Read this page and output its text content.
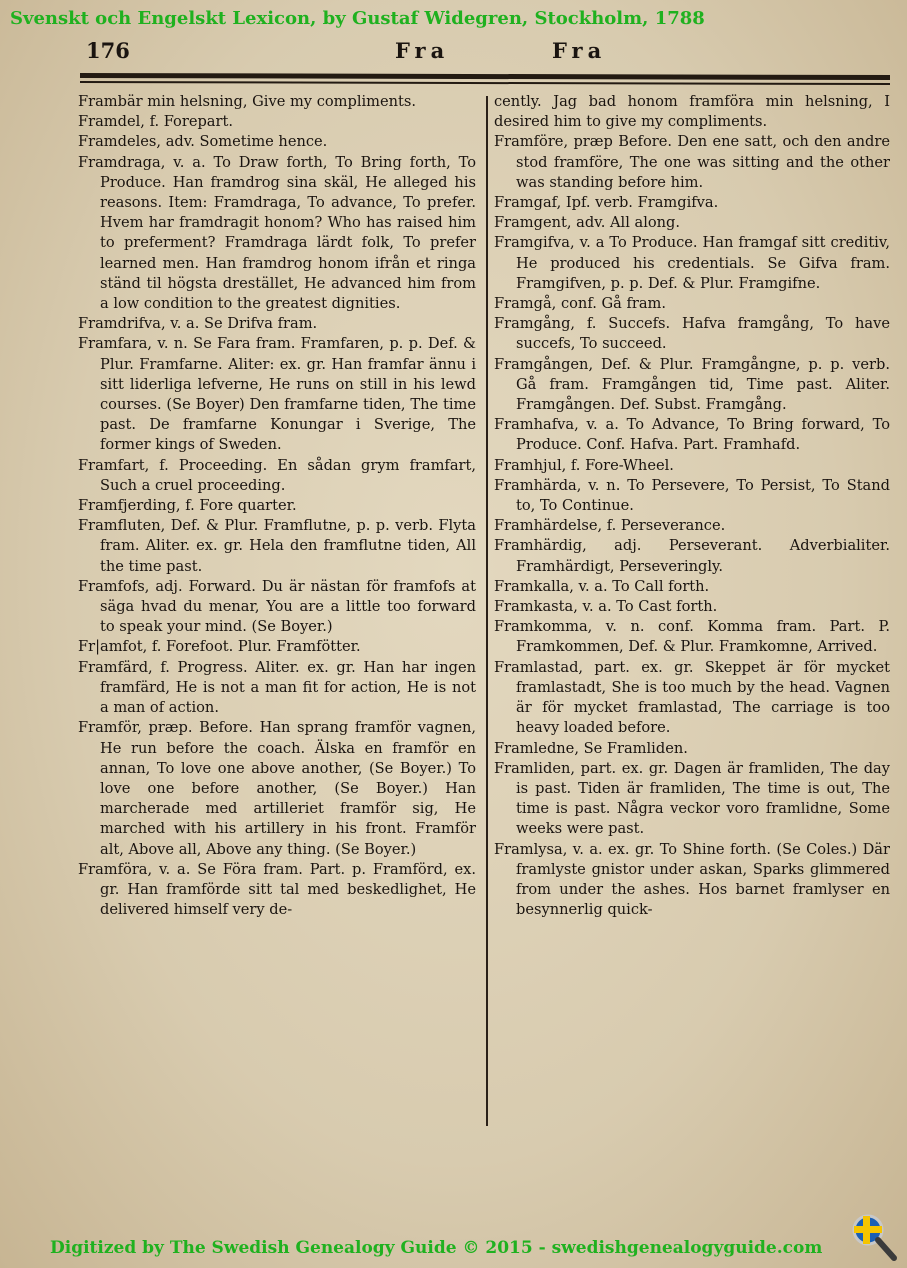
Svenskt och Engelskt Lexicon, by Gustaf Widegren, Stockholm, 1788
176	Fra	Fra

Frambär min helsning, Give my compliments.

Framdel, f. Forepart.

Framdeles, adv. Sometime hence.

Framdraga, v. a. To Draw forth, To Bring forth, To Produce. Han framdrog sina skäl, He alleged his reasons. Item: Framdraga, To advance, To prefer. Hvem har framdragit honom? Who has raised him to preferment? Framdraga lärdt folk, To prefer learned men. Han framdrog honom ifrån et ringa ständ til högsta drestället, He advanced him from a low condition to the greatest dignities.

Framdrifva, v. a. Se Drifva fram.

Framfara, v. n. Se Fara fram. Framfaren, p. p. Def. & Plur. Framfarne. Aliter: ex. gr. Han framfar ännu i sitt liderliga lefverne, He runs on still in his lewd courses. (Se Boyer) Den framfarne tiden, The time past. De framfarne Konungar i Sverige, The former kings of Sweden.

Framfart, f. Proceeding. En sådan grym framfart, Such a cruel proceeding.

Framfjerding, f. Fore quarter.

Framfluten, Def. & Plur. Framflutne, p. p. verb. Flyta fram. Aliter. ex. gr. Hela den framflutne tiden, All the time past.

Framfofs, adj. Forward. Du är nästan för framfofs at säga hvad du menar, You are a little too forward to speak your mind. (Se Boyer.)

Fr|amfot, f. Forefoot. Plur. Framfötter.

Framfärd, f. Progress. Aliter. ex. gr. Han har ingen framfärd, He is not a man fit for action, He is not a man of action.

Framför, præp. Before. Han sprang framför vagnen, He run before the coach. Älska en framför en annan, To love one above another, (Se Boyer.) To love one before another, (Se Boyer.) Han marcherade med artilleriet framför sig, He marched with his artillery in his front. Framför alt, Above all, Above any thing. (Se Boyer.)

Framföra, v. a. Se Föra fram. Part. p. Framförd, ex. gr. Han framförde sitt tal med beskedlighet, He delivered himself very de-

cently. Jag bad honom framföra min helsning, I desired him to give my compliments.

Framföre, præp Before. Den ene satt, och den andre stod framföre, The one was sitting and the other was standing before him.

Framgaf, Ipf. verb. Framgifva.

Framgent, adv. All along.

Framgifva, v. a To Produce. Han framgaf sitt creditiv, He produced his credentials. Se Gifva fram. Framgifven, p. p. Def. & Plur. Framgifne.

Framgå, conf. Gå fram.

Framgång, f. Succefs. Hafva framgång, To have succefs, To succeed.

Framgången, Def. & Plur. Framgångne, p. p. verb. Gå fram. Framgången tid, Time past. Aliter. Framgången. Def. Subst. Framgång.

Framhafva, v. a. To Advance, To Bring forward, To Produce. Conf. Hafva. Part. Framhafd.

Framhjul, f. Fore-Wheel.

Framhärda, v. n. To Persevere, To Persist, To Stand to, To Continue.

Framhärdelse, f. Perseverance.

Framhärdig, adj. Perseverant. Adverbialiter. Framhärdigt, Perseveringly.

Framkalla, v. a. To Call forth.

Framkasta, v. a. To Cast forth.

Framkomma, v. n. conf. Komma fram. Part. P. Framkommen, Def. & Plur. Framkomne, Arrived.

Framlastad, part. ex. gr. Skeppet är för mycket framlastadt, She is too much by the head. Vagnen är för mycket framlastad, The carriage is too heavy loaded before.

Framledne, Se Framliden.

Framliden, part. ex. gr. Dagen är framliden, The day is past. Tiden är framliden, The time is out, The time is past. Några veckor voro framlidne, Some weeks were past.

Framlysa, v. a. ex. gr. To Shine forth. (Se Coles.) Där framlyste gnistor under askan, Sparks glimmered from under the ashes. Hos barnet framlyser en besynnerlig quick-

Digitized by The Swedish Genealogy Guide © 2015 - swedishgenealogyguide.com
